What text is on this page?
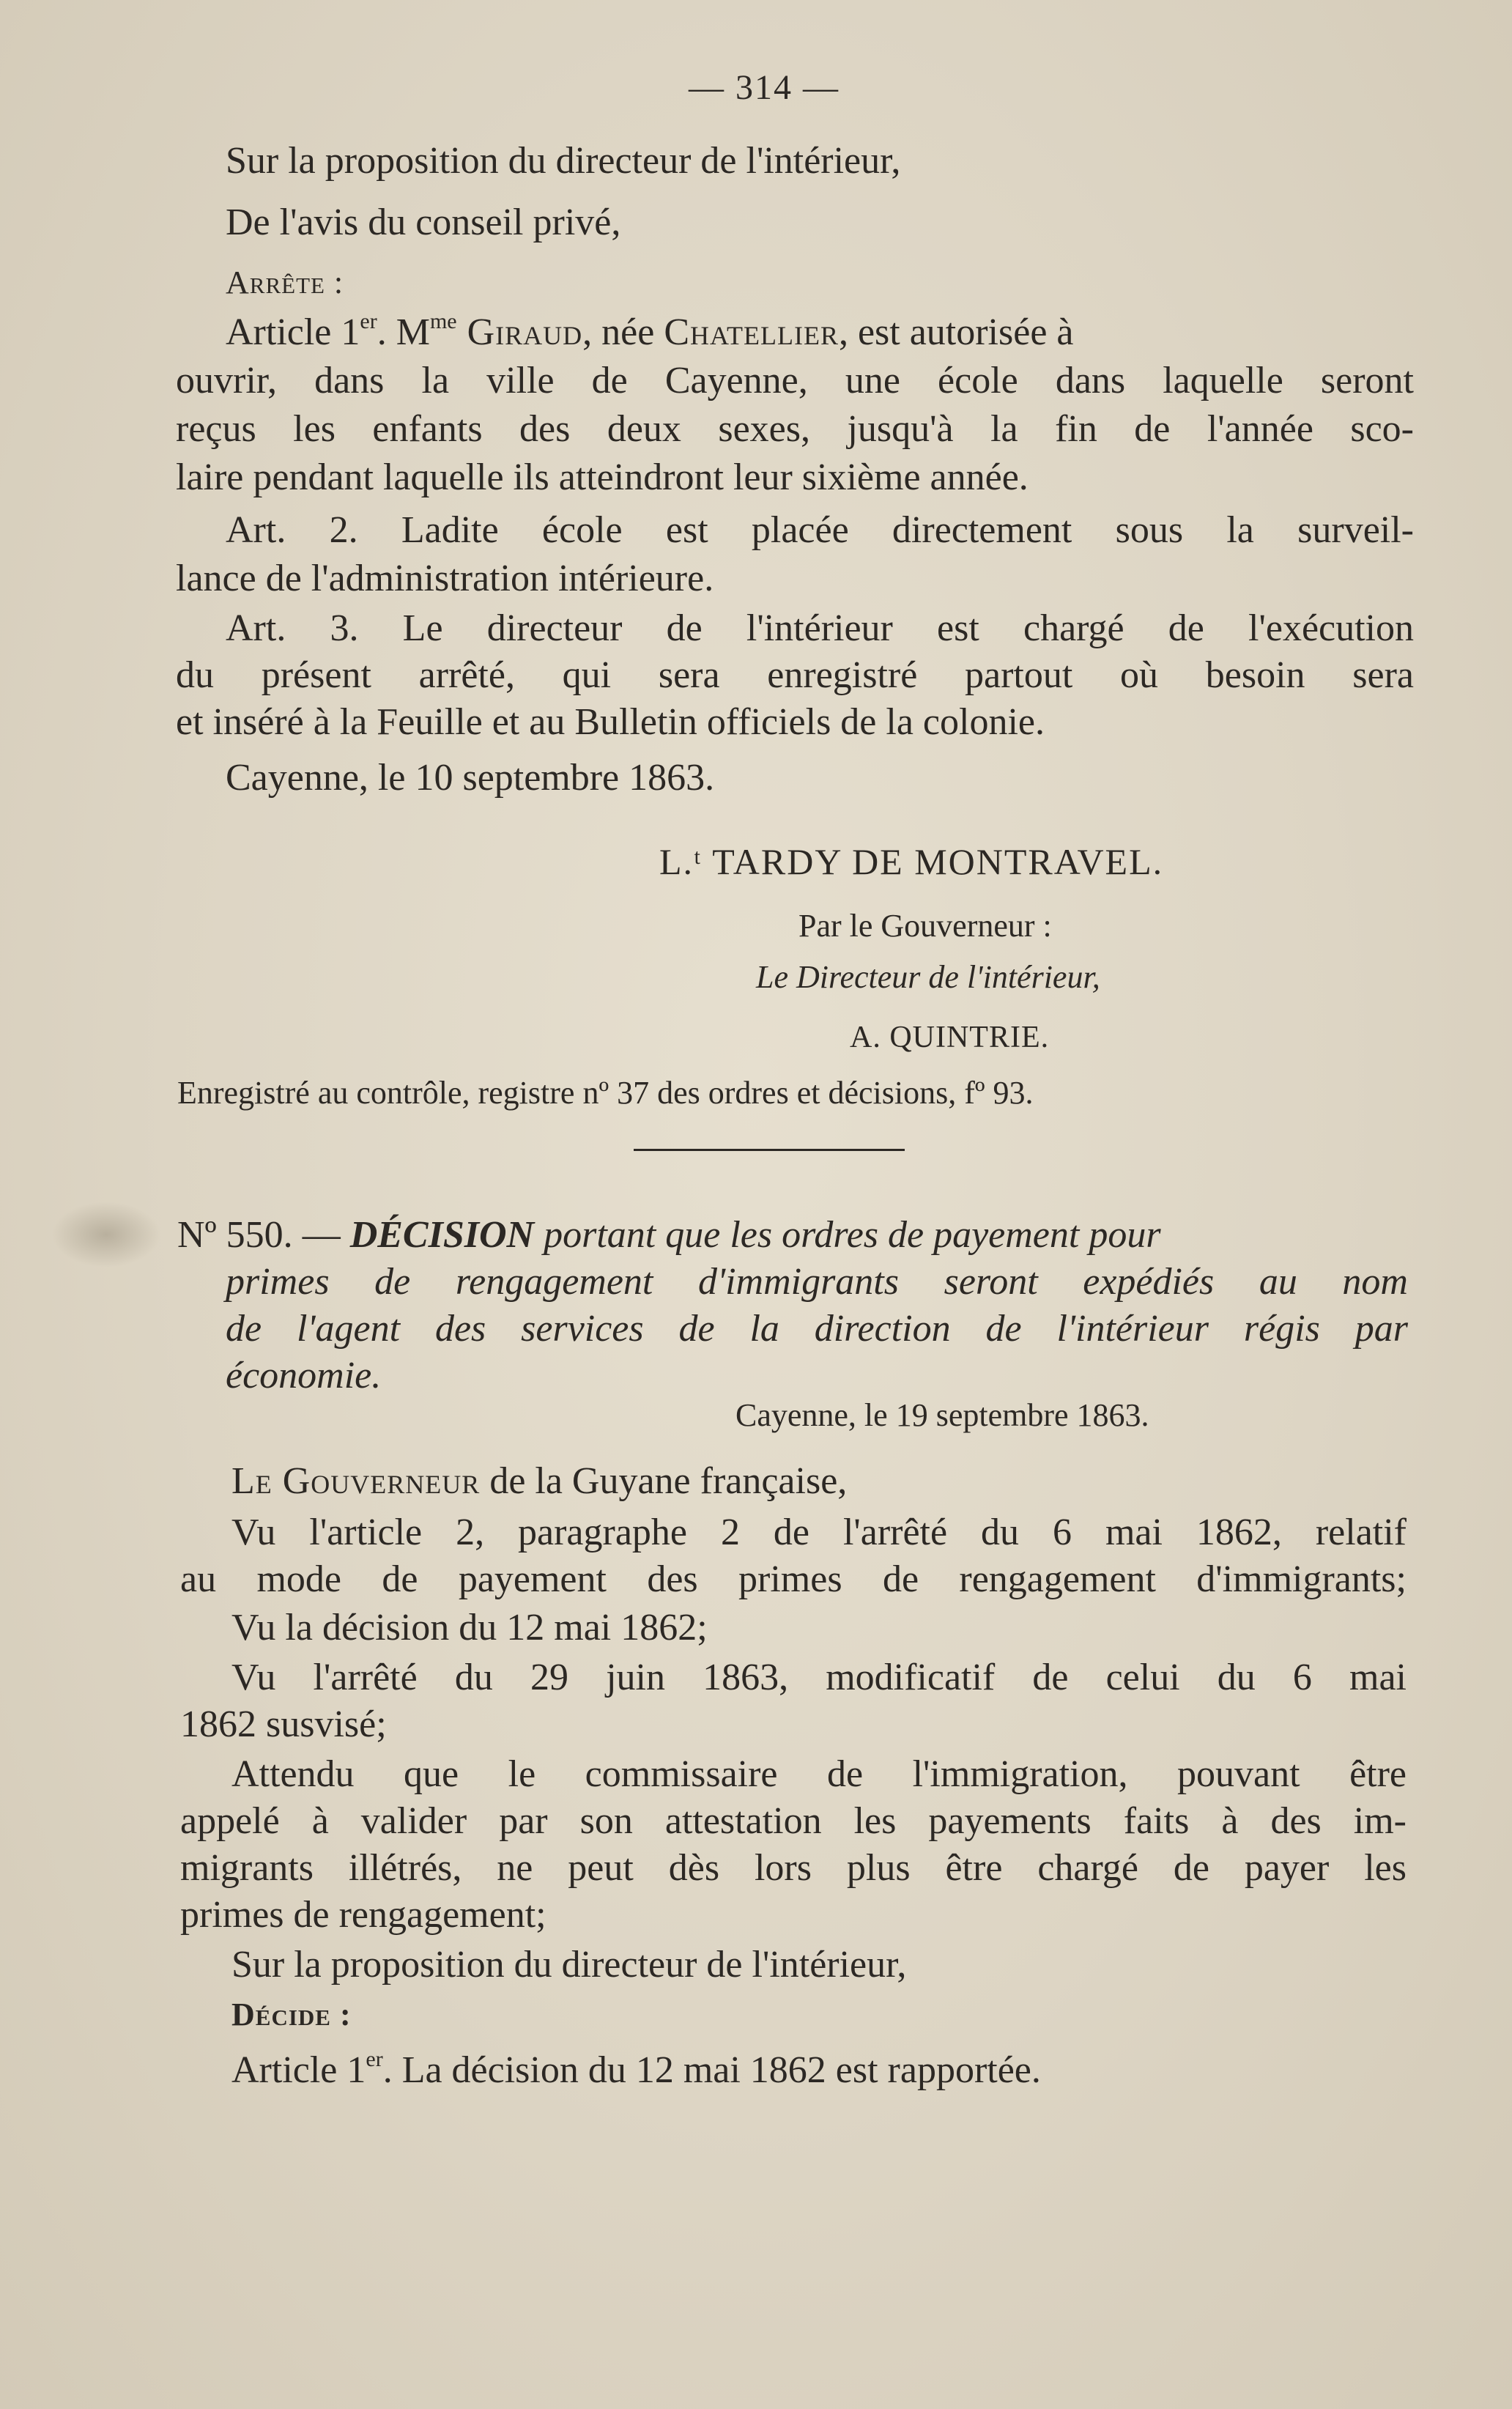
— 314 —
Sur la proposition du directeur de l'intérieur,
De l'avis du conseil privé,
Arrête :
Article 1er. $M^{me}$ Giraud, née Chatellier, est autorisée à
ouvrir, dans la ville de Cayenne, une école dans laquelle seront
reçus les enfants des deux sexes, jusqu'à la fin de l'année sco-
laire pendant laquelle ils atteindront leur sixième année.
Art. 2. Ladite école est placée directement sous la surveil-
lance de l'administration intérieure.
Art. 3. Le directeur de l'intérieur est chargé de l'exécution
du présent arrêté, qui sera enregistré partout où besoin sera
et inséré à la Feuille et au Bulletin officiels de la colonie.
Cayenne, le 10 septembre 1863.
L.ᵗ TARDY DE MONTRAVEL.
Par le Gouverneur :
Le Directeur de l'intérieur,
A. QUINTRIE.
Enregistré au contrôle, registre nº 37 des ordres et décisions, fº 93.
Nº 550. — DÉCISION portant que les ordres de payement pour
primes de rengagement d'immigrants seront expédiés au nom
de l'agent des services de la direction de l'intérieur régis par
économie.
Cayenne, le 19 septembre 1863.
Le Gouverneur de la Guyane française,
Vu l'article 2, paragraphe 2 de l'arrêté du 6 mai 1862, relatif
au mode de payement des primes de rengagement d'immigrants;
Vu la décision du 12 mai 1862;
Vu l'arrêté du 29 juin 1863, modificatif de celui du 6 mai
1862 susvisé;
Attendu que le commissaire de l'immigration, pouvant être
appelé à valider par son attestation les payements faits à des im-
migrants illétrés, ne peut dès lors plus être chargé de payer les
primes de rengagement;
Sur la proposition du directeur de l'intérieur,
Décide :
Article 1er. La décision du 12 mai 1862 est rapportée.
